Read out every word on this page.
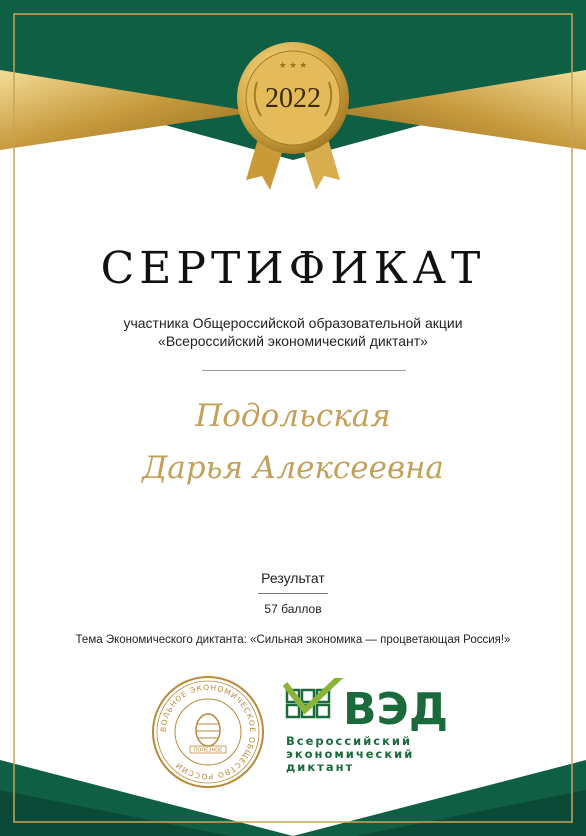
★ ★ ★
2022
СЕРТИФИКАТ
участника Общероссийской образовательной акции
«Всероссийский экономический диктант»
Подольская
Дарья Алексеевна
Результат
57 баллов
Тема Экономического диктанта: «Сильная экономика — процветающая Россия!»
ВОЛЬНОЕ ЭКОНОМИЧЕСКОЕ ОБЩЕСТВО РОССИИ
ПОЛЕЗНОЕ
ВЭД
Всероссийский
экономический
диктант
